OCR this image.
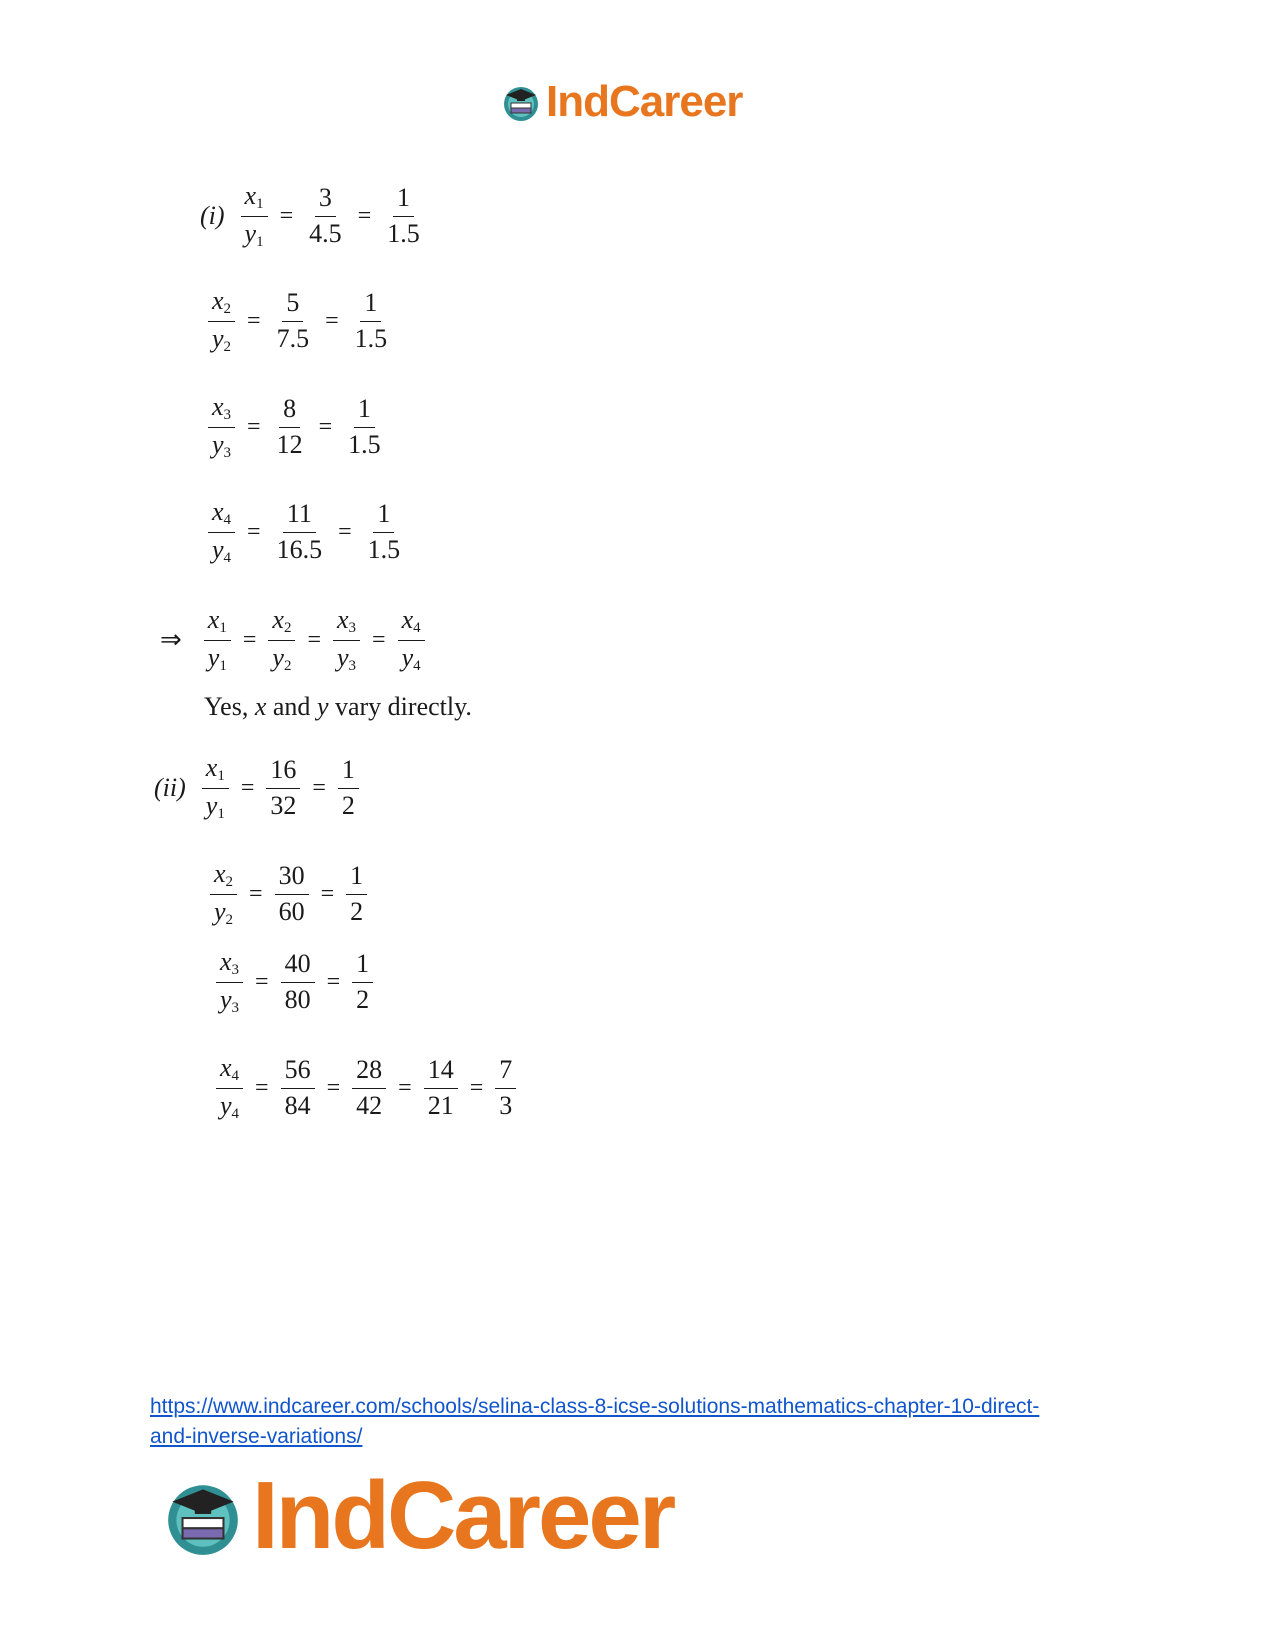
IndCareer
$(i) \frac{x_1}{y_1} = \frac{3}{4.5} = \frac{1}{1.5}$
$\frac{x_2}{y_2} = \frac{5}{7.5} = \frac{1}{1.5}$
$\frac{x_3}{y_3} = \frac{8}{12} = \frac{1}{1.5}$
$\frac{x_4}{y_4} = \frac{11}{16.5} = \frac{1}{1.5}$
⇒ $\frac{x_1}{y_1} = \frac{x_2}{y_2} = \frac{x_3}{y_3} = \frac{x_4}{y_4}$
Yes, x and y vary directly.
$(ii) \frac{x_1}{y_1} = \frac{16}{32} = \frac{1}{2}$
$\frac{x_2}{y_2} = \frac{30}{60} = \frac{1}{2}$
$\frac{x_3}{y_3} = \frac{40}{80} = \frac{1}{2}$
$\frac{x_4}{y_4} = \frac{56}{84} = \frac{28}{42} = \frac{14}{21} = \frac{7}{3}$
https://www.indcareer.com/schools/selina-class-8-icse-solutions-mathematics-chapter-10-direct-
and-inverse-variations/
IndCareer
